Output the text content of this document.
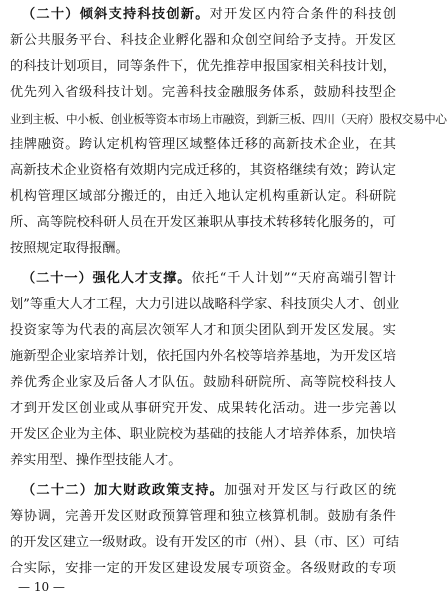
（二十）倾斜支持科技创新。对开发区内符合条件的科技创
新公共服务平台、科技企业孵化器和众创空间给予支持。开发区
的科技计划项目，同等条件下，优先推荐申报国家相关科技计划，
优先列入省级科技计划。完善科技金融服务体系，鼓励科技型企
业到主板、中小板、创业板等资本市场上市融资，到新三板、四川（天府）股权交易中心
挂牌融资。跨认定机构管理区域整体迁移的高新技术企业，在其
高新技术企业资格有效期内完成迁移的，其资格继续有效；跨认定
机构管理区域部分搬迁的，由迁入地认定机构重新认定。科研院
所、高等院校科研人员在开发区兼职从事技术转移转化服务的，可
按照规定取得报酬。
（二十一）强化人才支撑。依托“千人计划”“天府高端引智计
划”等重大人才工程，大力引进以战略科学家、科技顶尖人才、创业
投资家等为代表的高层次领军人才和顶尖团队到开发区发展。实
施新型企业家培养计划，依托国内外名校等培养基地，为开发区培
养优秀企业家及后备人才队伍。鼓励科研院所、高等院校科技人
才到开发区创业或从事研究开发、成果转化活动。进一步完善以
开发区企业为主体、职业院校为基础的技能人才培养体系，加快培
养实用型、操作型技能人才。
（二十二）加大财政政策支持。加强对开发区与行政区的统
筹协调，完善开发区财政预算管理和独立核算机制。鼓励有条件
的开发区建立一级财政。设有开发区的市（州）、县（市、区）可结
合实际，安排一定的开发区建设发展专项资金。各级财政的专项
— 10 —
